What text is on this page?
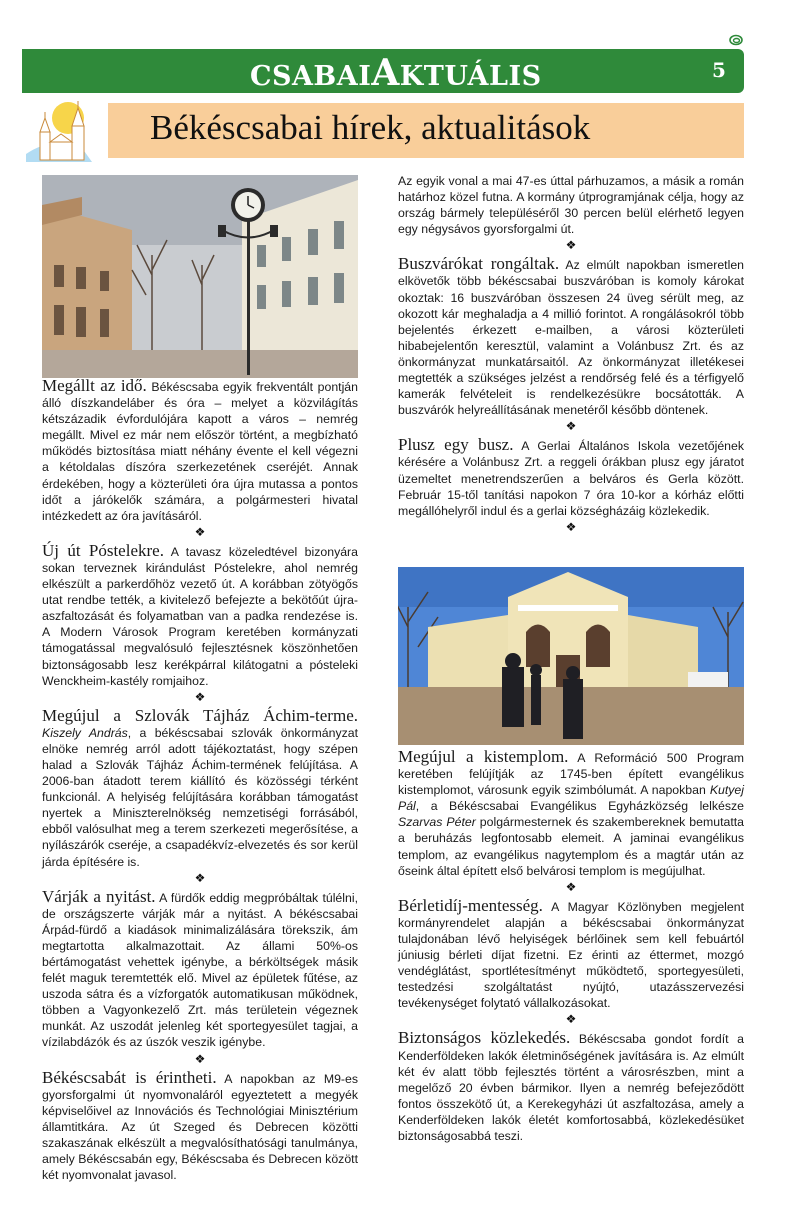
CSABAIAKTUÁLIS	5
Békéscsabai hírek, aktualitások

Megállt az idő. Békéscsaba egyik frekventált pontján álló díszkandeláber és óra – melyet a közvilágítás kétszázadik évfordulójára kapott a város – nemrég megállt. Mivel ez már nem először történt, a megbízható működés biztosítása miatt néhány évente el kell végezni a kétoldalas díszóra szerkezetének cseréjét. Annak érdekében, hogy a közterületi óra újra mutassa a pontos időt a járókelők számára, a polgármesteri hivatal intézkedett az óra javításáról.

❖

Új út Póstelekre. A tavasz közeledtével bizonyára sokan terveznek kirándulást Póstelekre, ahol nemrég elkészült a parkerdőhöz vezető út. A korábban zötyögős utat rendbe tették, a kivitelező befejezte a bekötőút újra-aszfaltozását és folyamatban van a padka rendezése is. A Modern Városok Program keretében kormányzati támogatással megvalósuló fejlesztésnek köszönhetően biztonságosabb lesz kerékpárral kilátogatni a pósteleki Wenckheim-kastély romjaihoz.

❖

Megújul a Szlovák Tájház Áchim-terme. Kiszely András, a békéscsabai szlovák önkormányzat elnöke nemrég arról adott tájékoztatást, hogy szépen halad a Szlovák Tájház Áchim-termének felújítása. A 2006-ban átadott terem kiállító és közösségi térként funkcionál. A helyiség felújítására korábban támogatást nyertek a Miniszterelnökség nemzetiségi forrásából, ebből valósulhat meg a terem szerkezeti megerősítése, a nyílászárók cseréje, a csapadékvíz-elvezetés és sor kerül járda építésére is.

❖

Várják a nyitást. A fürdők eddig megpróbáltak túlélni, de országszerte várják már a nyitást. A békéscsabai Árpád-fürdő a kiadások minimalizálására törekszik, ám megtartotta alkalmazottait. Az állami 50%-os bértámogatást vehettek igénybe, a bérköltségek másik felét maguk teremtették elő. Mivel az épületek fűtése, az uszoda sátra és a vízforgatók automatikusan működnek, többen a Vagyonkezelő Zrt. más területein végeznek munkát. Az uszodát jelenleg két sportegyesület tagjai, a vízilabdázók és az úszók veszik igénybe.

❖

Békéscsabát is érintheti. A napokban az M9-es gyorsforgalmi út nyomvonaláról egyeztetett a megyék képviselőivel az Innovációs és Technológiai Minisztérium államtitkára. Az út Szeged és Debrecen közötti szakaszának elkészült a megvalósíthatósági tanulmánya, amely Békéscsabán egy, Békéscsaba és Debrecen között két nyomvonalat javasol.

Az egyik vonal a mai 47-es úttal párhuzamos, a másik a román határhoz közel futna. A kormány útprogramjának célja, hogy az ország bármely településéről 30 percen belül elérhető legyen egy négysávos gyorsforgalmi út.

❖

Buszvárókat rongáltak. Az elmúlt napokban ismeretlen elkövetők több békéscsabai buszváróban is komoly károkat okoztak: 16 buszváróban összesen 24 üveg sérült meg, az okozott kár meghaladja a 4 millió forintot. A rongálásokról több bejelentés érkezett e-mailben, a városi közterületi hibabejelentőn keresztül, valamint a Volánbusz Zrt. és az önkormányzat munkatársaitól. Az önkormányzat illetékesei megtették a szükséges jelzést a rendőrség felé és a térfigyelő kamerák felvételeit is rendelkezésükre bocsátották. A buszvárók helyreállításának menetéről később döntenek.

❖

Plusz egy busz. A Gerlai Általános Iskola vezetőjének kérésére a Volánbusz Zrt. a reggeli órákban plusz egy járatot üzemeltet menetrendszerűen a belváros és Gerla között. Február 15-től tanítási napokon 7 óra 10-kor a kórház előtti megállóhelyről indul és a gerlai községházáig közlekedik.

❖

Megújul a kistemplom. A Reformáció 500 Program keretében felújítják az 1745-ben épített evangélikus kistemplomot, városunk egyik szimbólumát. A napokban Kutyej Pál, a Békéscsabai Evangélikus Egyházközség lelkésze Szarvas Péter polgármesternek és szakembereknek bemutatta a beruházás legfontosabb elemeit. A jaminai evangélikus templom, az evangélikus nagytemplom és a magtár után az őseink által épített első belvárosi templom is megújulhat.

❖

Bérletidíj-mentesség. A Magyar Közlönyben megjelent kormányrendelet alapján a békéscsabai önkormányzat tulajdonában lévő helyiségek bérlőinek sem kell febuártól júniusig bérleti díjat fizetni. Ez érinti az éttermet, mozgó vendéglátást, sportlétesítményt működtető, sportegyesületi, testedzési szolgáltatást nyújtó, utazásszervezési tevékenységet folytató vállalkozásokat.

❖

Biztonságos közlekedés. Békéscsaba gondot fordít a Kenderföldeken lakók életminőségének javítására is. Az elmúlt két év alatt több fejlesztés történt a városrészben, mint a megelőző 20 évben bármikor. Ilyen a nemrég befejeződött fontos összekötő út, a Kerekegyházi út aszfaltozása, amely a Kenderföldeken lakók életét komfortosabbá, közlekedésüket biztonságosabbá teszi.
